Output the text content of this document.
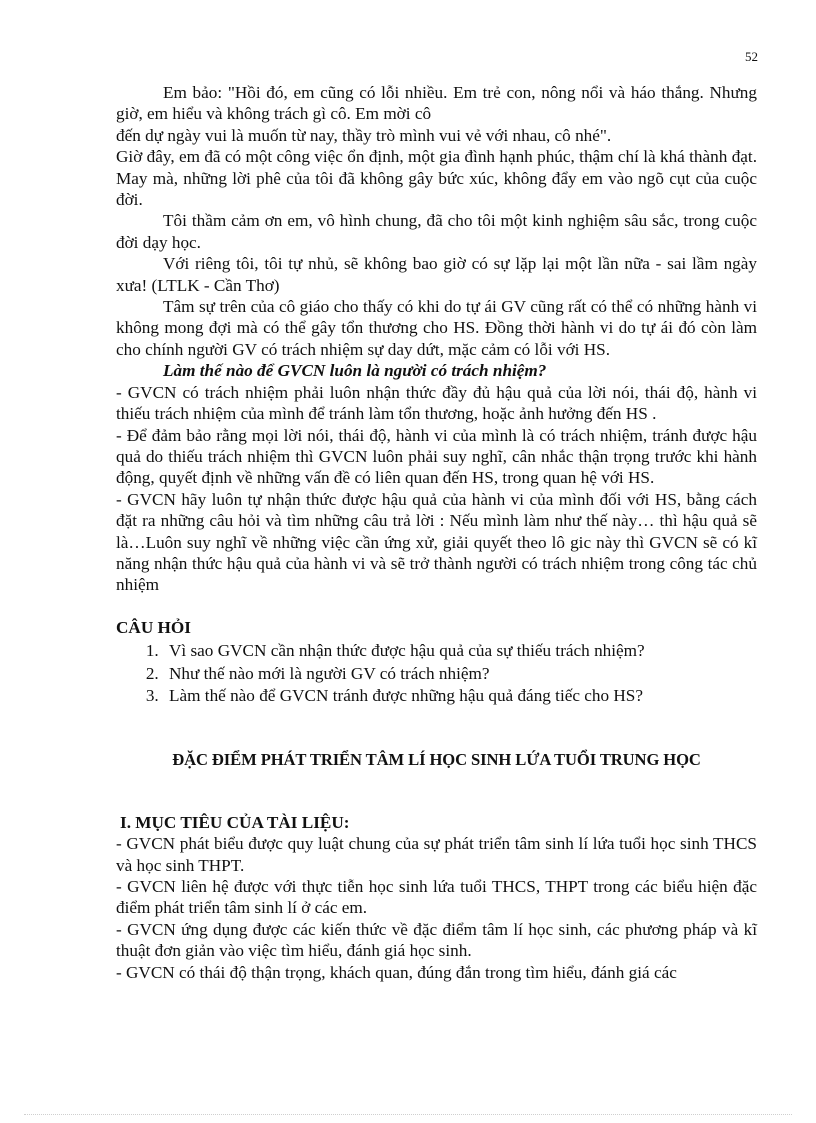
52

Em bảo: "Hồi đó, em cũng có lỗi nhiều. Em trẻ con, nông nổi và háo thắng. Nhưng giờ, em hiểu và không trách gì cô. Em mời cô

đến dự ngày vui là muốn từ nay, thầy trò mình vui vẻ với nhau, cô nhé".

Giờ đây, em đã có một công việc ổn định, một gia đình hạnh phúc, thậm chí là khá thành đạt. May mà, những lời phê của tôi đã không gây bức xúc, không đẩy em vào ngõ cụt của cuộc đời.

Tôi thầm cảm ơn em, vô hình chung, đã cho tôi một kinh nghiệm sâu sắc, trong cuộc đời dạy học.

Với riêng tôi, tôi tự nhủ, sẽ không bao giờ có sự lặp lại một lần nữa - sai lầm ngày xưa! (LTLK - Cần Thơ)

Tâm sự trên của cô giáo cho thấy có khi do tự ái GV cũng rất có thể có những hành vi không mong đợi mà có thể gây tổn thương cho HS. Đồng thời hành vi do tự ái đó còn làm cho chính người GV có trách nhiệm sự day dứt, mặc cảm có lỗi với HS.

Làm thế nào để GVCN luôn là người có trách nhiệm?

- GVCN có trách nhiệm phải luôn nhận thức đầy đủ hậu quả của lời nói, thái độ, hành vi thiếu trách nhiệm của mình để tránh làm tổn thương, hoặc ảnh hưởng đến HS .

- Để đảm bảo rằng mọi lời nói, thái độ, hành vi của mình là có trách nhiệm, tránh được hậu quả do thiếu trách nhiệm thì GVCN luôn phải suy nghĩ, cân nhắc thận trọng trước khi hành động, quyết định về những vấn đề có liên quan đến HS, trong quan hệ với HS.

- GVCN hãy luôn tự nhận thức được hậu quả của hành vi của mình đối với HS, bằng cách đặt ra những câu hỏi và tìm những câu trả lời : Nếu mình làm như thế này… thì hậu quả sẽ là…Luôn suy nghĩ về những việc cần ứng xử, giải quyết theo lô gic này thì GVCN sẽ có kĩ năng nhận thức hậu quả của hành vi và sẽ trở thành người có trách nhiệm trong công tác chủ nhiệm

CÂU HỎI

1. Vì sao GVCN cần nhận thức được hậu quả của sự thiếu trách nhiệm?
2. Như thế nào mới là người GV có trách nhiệm?
3. Làm thế nào để GVCN tránh được những hậu quả đáng tiếc cho HS?

ĐẶC ĐIỂM PHÁT TRIỂN TÂM LÍ HỌC SINH LỨA TUỔI TRUNG HỌC

I. MỤC TIÊU CỦA TÀI LIỆU:

- GVCN phát biểu được quy luật chung của sự phát triển tâm sinh lí lứa tuổi học sinh THCS và học sinh THPT.

- GVCN liên hệ được với thực tiễn học sinh lứa tuổi THCS, THPT trong các biểu hiện đặc điểm phát triển tâm sinh lí ở các em.

- GVCN ứng dụng được các kiến thức về đặc điểm tâm lí học sinh, các phương pháp và kĩ thuật đơn giản vào việc tìm hiểu, đánh giá học sinh.

- GVCN có thái độ thận trọng, khách quan, đúng đắn trong tìm hiểu, đánh giá các
